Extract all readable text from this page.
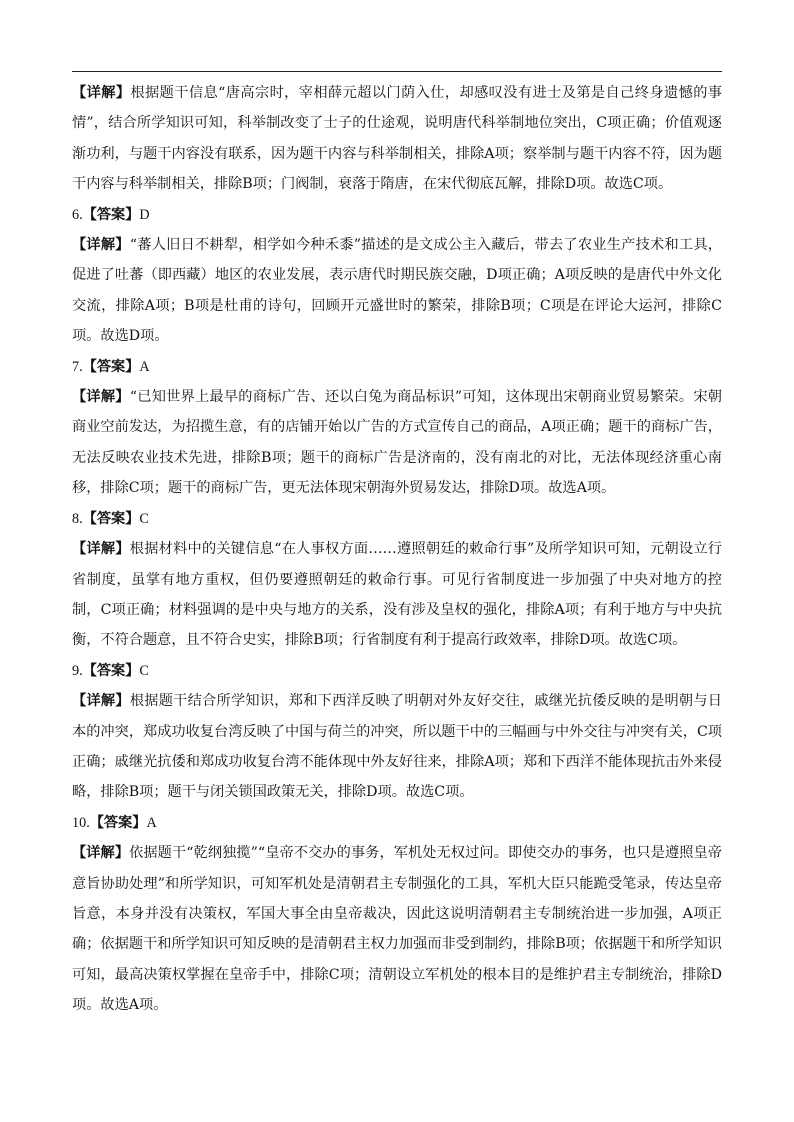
【详解】根据题干信息“唐高宗时，宰相薛元超以门荫入仕，却感叹没有进士及第是自己终身遗憾的事情”，结合所学知识可知，科举制改变了士子的仕途观，说明唐代科举制地位突出，C项正确；价值观逐渐功利，与题干内容没有联系，因为题干内容与科举制相关，排除A项；察举制与题干内容不符，因为题干内容与科举制相关，排除B项；门阀制，衰落于隋唐，在宋代彻底瓦解，排除D项。故选C项。

6.【答案】D

【详解】“蕃人旧日不耕犁，相学如今种禾黍”描述的是文成公主入藏后，带去了农业生产技术和工具，促进了吐蕃（即西藏）地区的农业发展，表示唐代时期民族交融，D项正确；A项反映的是唐代中外文化交流，排除A项；B项是杜甫的诗句，回顾开元盛世时的繁荣，排除B项；C项是在评论大运河，排除C项。故选D项。

7.【答案】A

【详解】“已知世界上最早的商标广告、还以白兔为商品标识”可知，这体现出宋朝商业贸易繁荣。宋朝商业空前发达，为招揽生意，有的店铺开始以广告的方式宣传自己的商品，A项正确；题干的商标广告，无法反映农业技术先进，排除B项；题干的商标广告是济南的，没有南北的对比，无法体现经济重心南移，排除C项；题干的商标广告，更无法体现宋朝海外贸易发达，排除D项。故选A项。

8.【答案】C

【详解】根据材料中的关键信息“在人事权方面……遵照朝廷的敕命行事”及所学知识可知，元朝设立行省制度，虽掌有地方重权，但仍要遵照朝廷的敕命行事。可见行省制度进一步加强了中央对地方的控制，C项正确；材料强调的是中央与地方的关系，没有涉及皇权的强化，排除A项；有利于地方与中央抗衡，不符合题意，且不符合史实，排除B项；行省制度有利于提高行政效率，排除D项。故选C项。

9.【答案】C

【详解】根据题干结合所学知识，郑和下西洋反映了明朝对外友好交往，戚继光抗倭反映的是明朝与日本的冲突，郑成功收复台湾反映了中国与荷兰的冲突，所以题干中的三幅画与中外交往与冲突有关，C项正确；戚继光抗倭和郑成功收复台湾不能体现中外友好往来，排除A项；郑和下西洋不能体现抗击外来侵略，排除B项；题干与闭关锁国政策无关，排除D项。故选C项。

10.【答案】A

【详解】依据题干“乾纲独揽”“皇帝不交办的事务，军机处无权过问。即使交办的事务，也只是遵照皇帝意旨协助处理”和所学知识，可知军机处是清朝君主专制强化的工具，军机大臣只能跪受笔录，传达皇帝旨意，本身并没有决策权，军国大事全由皇帝裁决，因此这说明清朝君主专制统治进一步加强，A项正确；依据题干和所学知识可知反映的是清朝君主权力加强而非受到制约，排除B项；依据题干和所学知识可知，最高决策权掌握在皇帝手中，排除C项；清朝设立军机处的根本目的是维护君主专制统治，排除D项。故选A项。
